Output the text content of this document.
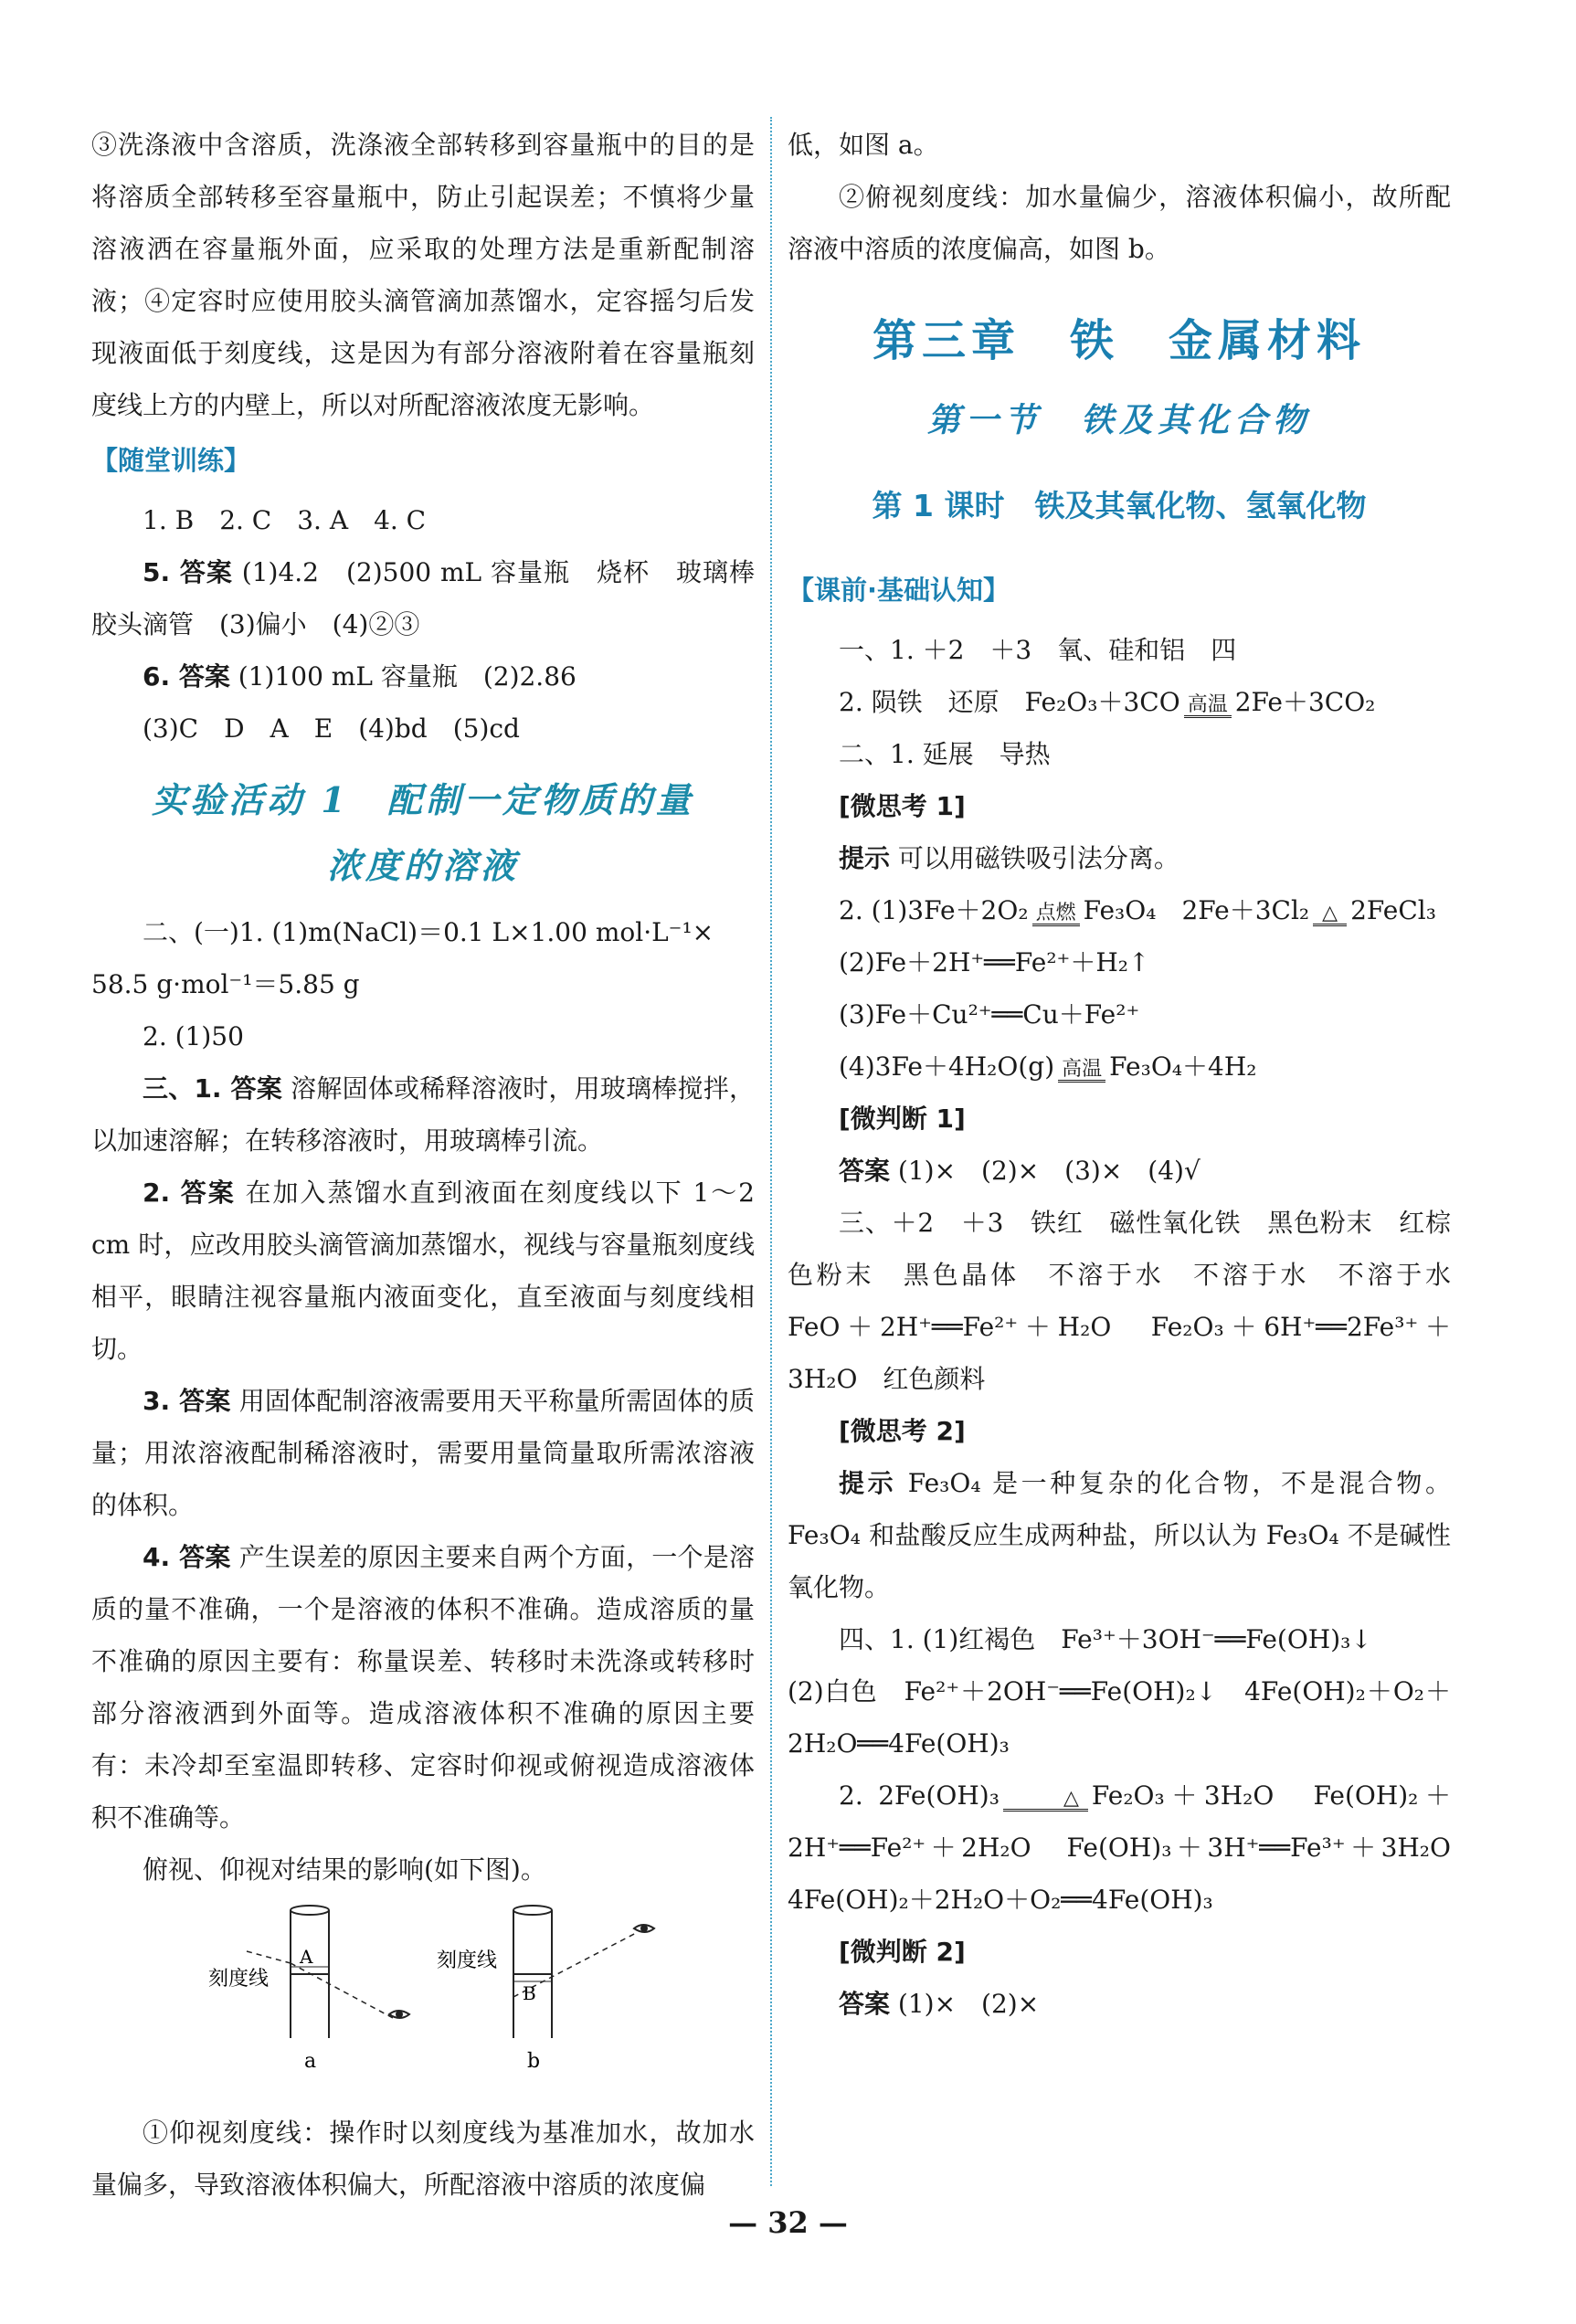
③洗涤液中含溶质，洗涤液全部转移到容量瓶中的目的是将溶质全部转移至容量瓶中，防止引起误差；不慎将少量溶液洒在容量瓶外面，应采取的处理方法是重新配制溶液；④定容时应使用胶头滴管滴加蒸馏水，定容摇匀后发现液面低于刻度线，这是因为有部分溶液附着在容量瓶刻度线上方的内壁上，所以对所配溶液浓度无影响。

【随堂训练】

1. B　2. C　3. A　4. C

5. 答案 (1)4.2　(2)500 mL 容量瓶　烧杯　玻璃棒　胶头滴管　(3)偏小　(4)②③

6. 答案 (1)100 mL 容量瓶　(2)2.86

(3)C　D　A　E　(4)bd　(5)cd

实验活动 1　配制一定物质的量
浓度的溶液

二、(一)1. (1)m(NaCl)＝0.1 L×1.00 mol·L⁻¹×

58.5 g·mol⁻¹＝5.85 g

2. (1)50

三、1. 答案 溶解固体或稀释溶液时，用玻璃棒搅拌，以加速溶解；在转移溶液时，用玻璃棒引流。

2. 答案 在加入蒸馏水直到液面在刻度线以下 1～2 cm 时，应改用胶头滴管滴加蒸馏水，视线与容量瓶刻度线相平，眼睛注视容量瓶内液面变化，直至液面与刻度线相切。

3. 答案 用固体配制溶液需要用天平称量所需固体的质量；用浓溶液配制稀溶液时，需要用量筒量取所需浓溶液的体积。

4. 答案 产生误差的原因主要来自两个方面，一个是溶质的量不准确，一个是溶液的体积不准确。造成溶质的量不准确的原因主要有：称量误差、转移时未洗涤或转移时部分溶液洒到外面等。造成溶液体积不准确的原因主要有：未冷却至室温即转移、定容时仰视或俯视造成溶液体积不准确等。

俯视、仰视对结果的影响(如下图)。

刻度线
A
a
刻度线
B
b

①仰视刻度线：操作时以刻度线为基准加水，故加水量偏多，导致溶液体积偏大，所配溶液中溶质的浓度偏

低，如图 a。

②俯视刻度线：加水量偏少，溶液体积偏小，故所配溶液中溶质的浓度偏高，如图 b。

第三章　铁　金属材料
第一节　铁及其化合物
第 1 课时　铁及其氧化物、氢氧化物
【课前·基础认知】

一、1. ＋2　＋3　氧、硅和铝　四

2. 陨铁　还原　Fe₂O₃＋3CO 高温 2Fe＋3CO₂

二、1. 延展　导热

[微思考 1]

提示 可以用磁铁吸引法分离。

2. (1)3Fe＋2O₂ 点燃 Fe₃O₄　2Fe＋3Cl₂ △ 2FeCl₃

(2)Fe＋2H⁺══Fe²⁺＋H₂↑

(3)Fe＋Cu²⁺══Cu＋Fe²⁺

(4)3Fe＋4H₂O(g) 高温 Fe₃O₄＋4H₂

[微判断 1]

答案 (1)×　(2)×　(3)×　(4)√

三、＋2　＋3　铁红　磁性氧化铁　黑色粉末　红棕色粉末　黑色晶体　不溶于水　不溶于水　不溶于水　FeO＋2H⁺══Fe²⁺＋H₂O　Fe₂O₃＋6H⁺══2Fe³⁺＋3H₂O　红色颜料

[微思考 2]

提示 Fe₃O₄ 是一种复杂的化合物，不是混合物。Fe₃O₄ 和盐酸反应生成两种盐，所以认为 Fe₃O₄ 不是碱性氧化物。

四、1. (1)红褐色　Fe³⁺＋3OH⁻══Fe(OH)₃↓

(2)白色　Fe²⁺＋2OH⁻══Fe(OH)₂↓　4Fe(OH)₂＋O₂＋2H₂O══4Fe(OH)₃

2. 2Fe(OH)₃	△ Fe₂O₃＋3H₂O　Fe(OH)₂＋2H⁺══Fe²⁺＋2H₂O　Fe(OH)₃＋3H⁺══Fe³⁺＋3H₂O　4Fe(OH)₂＋2H₂O＋O₂══4Fe(OH)₃

[微判断 2]

答案 (1)×　(2)×

— 32 —
